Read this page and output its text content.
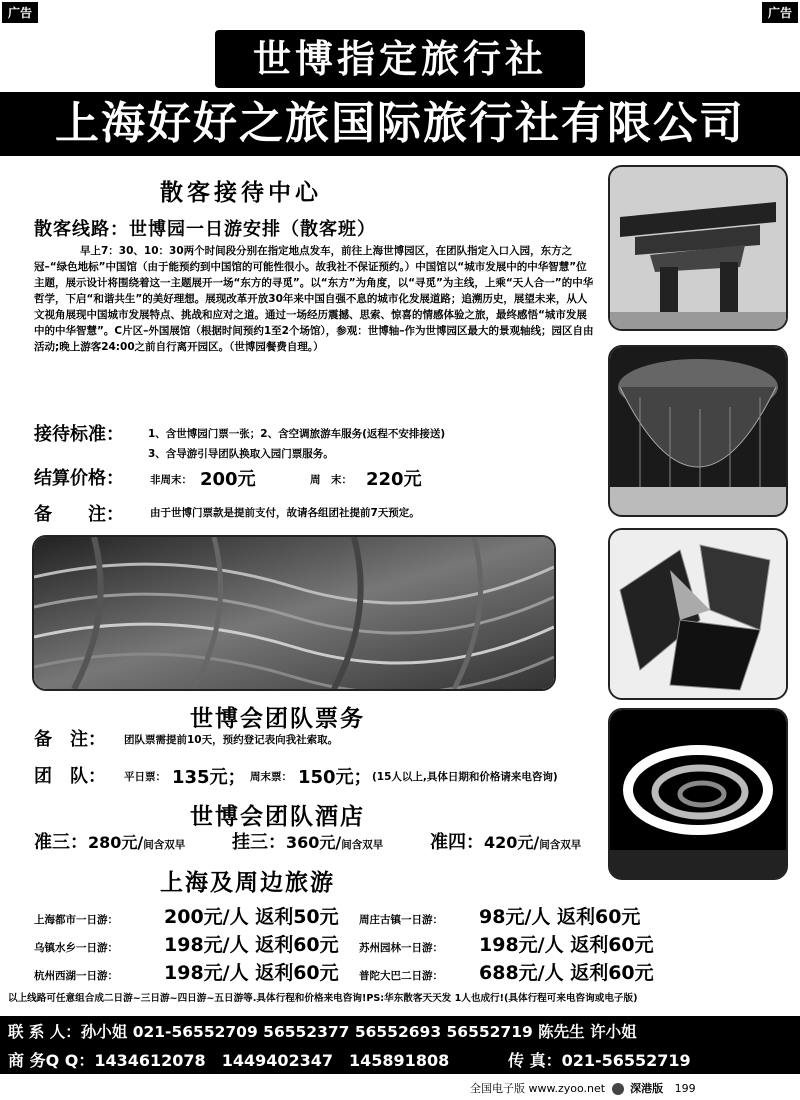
广告	广告
世博指定旅行社
上海好好之旅国际旅行社有限公司
散客接待中心
散客线路：世博园一日游安排（散客班）
早上7：30、10：30两个时间段分别在指定地点发车，前往上海世博园区，在团队指定入口入园，东方之冠–“绿色地标”中国馆（由于能预约到中国馆的可能性很小。故我社不保证预约。）中国馆以“城市发展中的中华智慧”位主题，展示设计将围绕着这一主题展开一场“东方的寻觅”。以“东方”为角度，以“寻觅”为主线，上乘“天人合一”的中华哲学，下启“和谐共生”的美好理想。展现改革开放30年来中国自强不息的城市化发展道路；追溯历史，展望未来，从人文视角展现中国城市发展特点、挑战和应对之道。通过一场经历震撼、思索、惊喜的情感体验之旅，最终感悟“城市发展中的中华智慧”。C片区–外国展馆（根据时间预约1至2个场馆），参观：世博轴–作为世博园区最大的景观轴线；园区自由活动;晚上游客24:00之前自行离开园区。（世博园餐费自理。）
接待标准： 1、含世博园门票一张；2、含空调旅游车服务(返程不安排接送)
3、含导游引导团队换取入园门票服务。
结算价格： 非周末： 200元	周　末： 220元
备　　注： 由于世博门票款是提前支付，故请各组团社提前7天预定。
世博会团队票务
备　注： 团队票需提前10天，预约登记表向我社索取。
团　队： 平日票： 135元； 周末票： 150元； (15人以上,具体日期和价格请来电咨询)
世博会团队酒店
准三：280元/间含双早	挂三：360元/间含双早	准四：420元/间含双早
上海及周边旅游
上海都市一日游： 200元/人 返利50元 周庄古镇一日游： 98元/人 返利60元
乌镇水乡一日游： 198元/人 返利60元 苏州园林一日游： 198元/人 返利60元
杭州西湖一日游： 198元/人 返利60元 普陀大巴二日游： 688元/人 返利60元
以上线路可任意组合成二日游~三日游~四日游~五日游等.具体行程和价格来电咨询!PS:华东散客天天发 1人也成行!(具体行程可来电咨询或电子版)
联 系 人：孙小姐 021-56552709 56552377 56552693 56552719 陈先生 许小姐
商 务Q Q：1434612078　1449402347　145891808	传 真：021-56552719
全国电子版 www.zyoo.net 深港版 199
